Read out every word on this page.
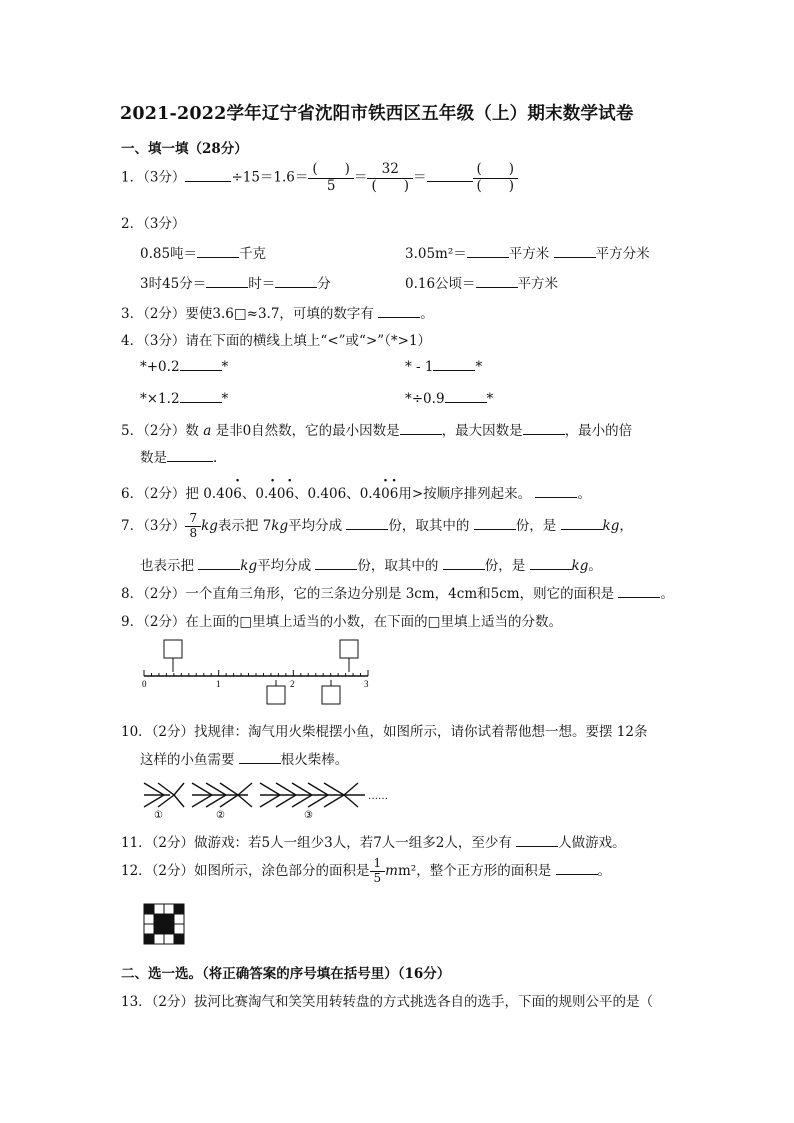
2021-2022学年辽宁省沈阳市铁西区五年级（上）期末数学试卷
一、填一填（28分）
1．（3分）	$\div 15=1.6= \frac{( )}{5} = \frac{32}{( )}$ ＝	$\frac{( )}{( )}$
2．（3分）
0.85吨＝	千克	3.05m²＝	平方米	平方分米
3时45分＝	时＝	分	0.16公顷＝	平方米
3．（2分）要使3.6□≈3.7，可填的数字有	。
4．（3分）请在下面的横线上填上“<”或“>”（*>1）
*+0.2	*	* - 1	*
*×1.2	*	*÷0.9	*
5．（2分）数 a 是非0自然数，它的最小因数是	，最大因数是	，最小的倍
数是	.
6．（2分）把 0.40· 6、0.· 40· 6、0.406、0.4· 0· 6用>按顺序排列起来。	。
7．（3分） $\frac{7}{8}$ kg表示把 7kg平均分成	份，取其中的	份，是	kg，
也表示把	kg平均分成	份，取其中的	份，是	kg。
8．（2分）一个直角三角形，它的三条边分别是 3cm，4cm和5cm，则它的面积是	。
9．（2分）在上面的□里填上适当的小数，在下面的□里填上适当的分数。
0	1	2	3
10．（2分）找规律：淘气用火柴棍摆小鱼，如图所示，请你试着帮他想一想。要摆 12条
这样的小鱼需要	根火柴棒。
①	②	③
……
11．（2分）做游戏：若5人一组少3人，若7人一组多2人，至少有	人做游戏。
12．（2分）如图所示，涂色部分的面积是 $\frac{1}{5} mm^2$，整个正方形的面积是	。
二、选一选。（将正确答案的序号填在括号里）（16分）
13．（2分）拔河比赛淘气和笑笑用转转盘的方式挑选各自的选手，下面的规则公平的是（
